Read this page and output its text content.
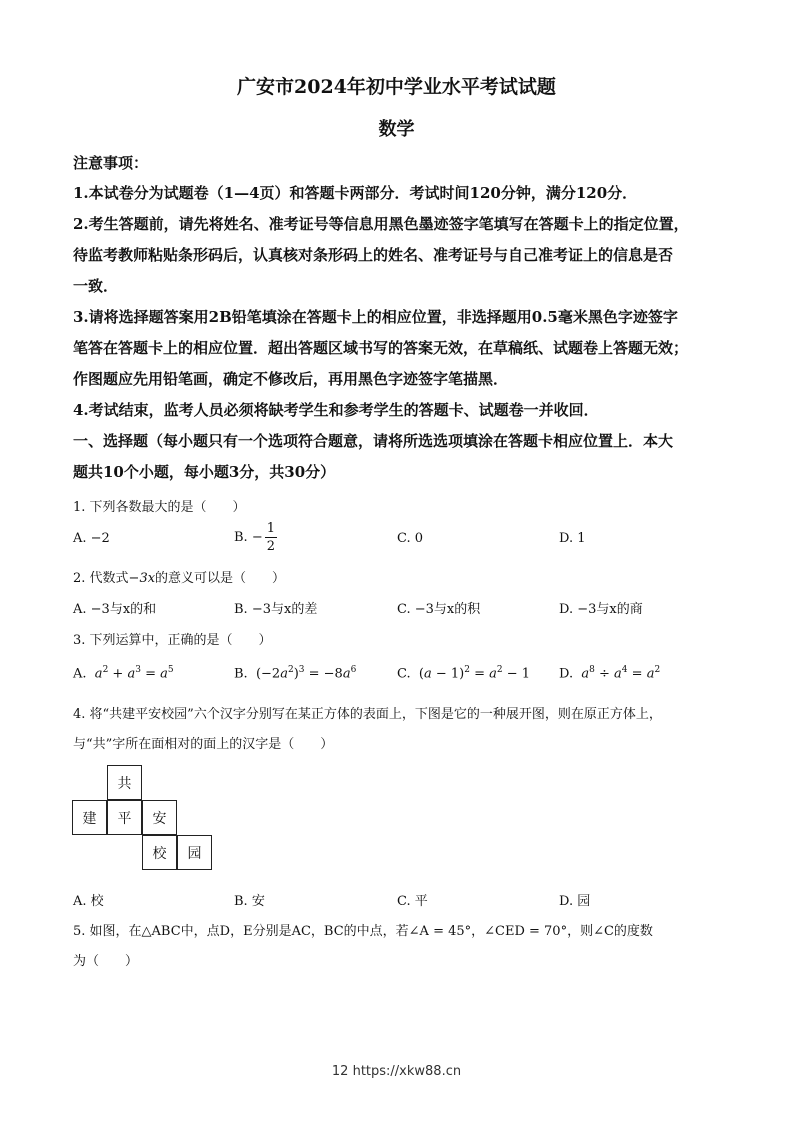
广安市2024年初中学业水平考试试题
数学
注意事项：
1.本试卷分为试题卷（1—4页）和答题卡两部分．考试时间120分钟，满分120分．
2.考生答题前，请先将姓名、准考证号等信息用黑色墨迹签字笔填写在答题卡上的指定位置，
待监考教师粘贴条形码后，认真核对条形码上的姓名、准考证号与自己准考证上的信息是否
一致．
3.请将选择题答案用2B铅笔填涂在答题卡上的相应位置，非选择题用0.5毫米黑色字迹签字
笔答在答题卡上的相应位置．超出答题区域书写的答案无效，在草稿纸、试题卷上答题无效；
作图题应先用铅笔画，确定不修改后，再用黑色字迹签字笔描黑．
4.考试结束，监考人员必须将缺考学生和参考学生的答题卡、试题卷一并收回．
一、选择题（每小题只有一个选项符合题意，请将所选选项填涂在答题卡相应位置上．本大
题共10个小题，每小题3分，共30分）
1. 下列各数最大的是（　　）
A. −2	B. − $\frac{1}{2}$	C. 0	D. 1
2. 代数式−3x的意义可以是（　　）
A. −3与x的和	B. −3与x的差	C. −3与x的积	D. −3与x的商
3. 下列运算中，正确的是（　　）
A. $a^2 + a^3 = a^5$	B.  $(-2a^2)^3 = -8a^6$	C.  $(a - 1)^2 = a^2 - 1$ D. $a^8 \div a^4 = a^2$
4. 将“共建平安校园”六个汉字分别写在某正方体的表面上，下图是它的一种展开图，则在原正方体上，
与“共”字所在面相对的面上的汉字是（　　）
共
建	平	安
校	园
A. 校	B. 安	C. 平	D. 园
5. 如图，在△ABC中，点D，E分别是AC，BC的中点，若∠A = 45°，∠CED = 70°，则∠C的度数
为（　　）
12 https://xkw88.cn
